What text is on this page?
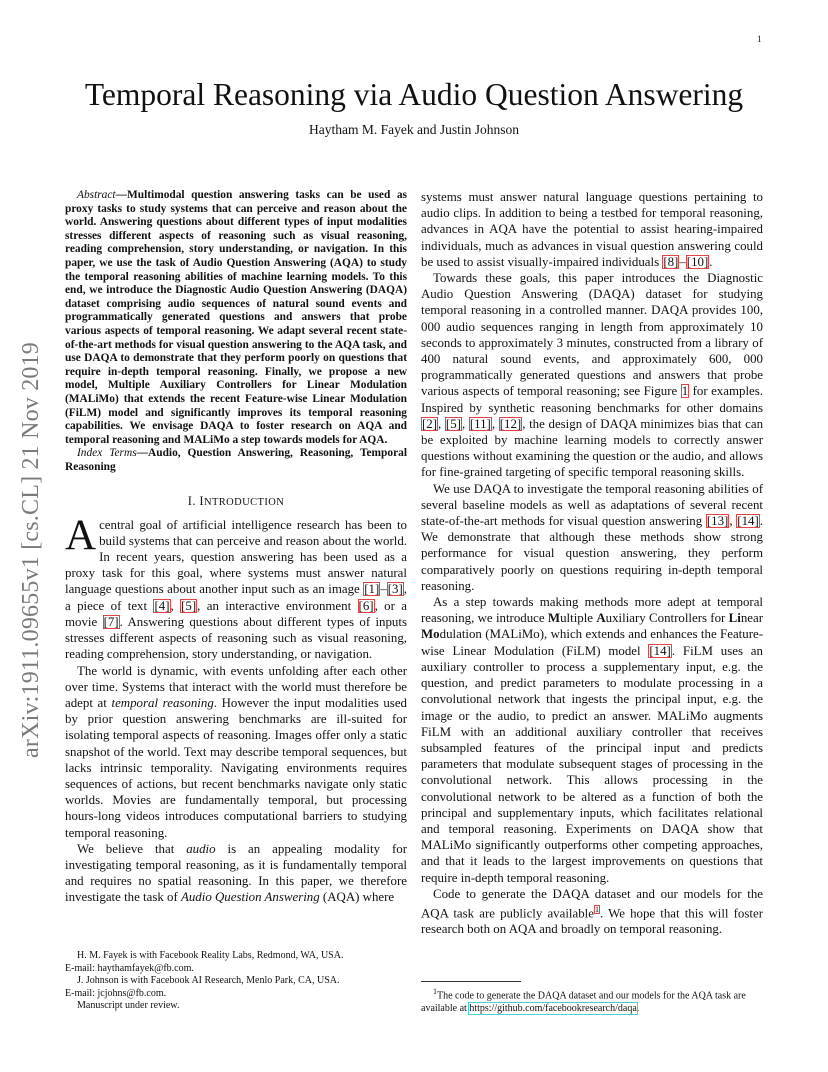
1
arXiv:1911.09655v1 [cs.CL] 21 Nov 2019
Temporal Reasoning via Audio Question Answering
Haytham M. Fayek and Justin Johnson

Abstract—Multimodal question answering tasks can be used as proxy tasks to study systems that can perceive and reason about the world. Answering questions about different types of input modalities stresses different aspects of reasoning such as visual reasoning, reading comprehension, story understanding, or navigation. In this paper, we use the task of Audio Question Answering (AQA) to study the temporal reasoning abilities of machine learning models. To this end, we introduce the Diagnostic Audio Question Answering (DAQA) dataset comprising audio sequences of natural sound events and programmatically generated questions and answers that probe various aspects of temporal reasoning. We adapt several recent state-of-the-art methods for visual question answering to the AQA task, and use DAQA to demonstrate that they perform poorly on questions that require in-depth temporal reasoning. Finally, we propose a new model, Multiple Auxiliary Controllers for Linear Modulation (MALiMo) that extends the recent Feature-wise Linear Modulation (FiLM) model and significantly improves its temporal reasoning capabilities. We envisage DAQA to foster research on AQA and temporal reasoning and MALiMo a step towards models for AQA.

Index Terms—Audio, Question Answering, Reasoning, Temporal Reasoning

I. INTRODUCTION

Acentral goal of artificial intelligence research has been to build systems that can perceive and reason about the world. In recent years, question answering has been used as a proxy task for this goal, where systems must answer natural language questions about another input such as an image [1]–[3], a piece of text [4], [5], an interactive environment [6], or a movie [7]. Answering questions about different types of inputs stresses different aspects of reasoning such as visual reasoning, reading comprehension, story understanding, or navigation.

The world is dynamic, with events unfolding after each other over time. Systems that interact with the world must therefore be adept at temporal reasoning. However the input modalities used by prior question answering benchmarks are ill-suited for isolating temporal aspects of reasoning. Images offer only a static snapshot of the world. Text may describe temporal sequences, but lacks intrinsic temporality. Navigating environments requires sequences of actions, but recent benchmarks navigate only static worlds. Movies are fundamentally temporal, but processing hours-long videos introduces computational barriers to studying temporal reasoning.

We believe that audio is an appealing modality for investigating temporal reasoning, as it is fundamentally temporal and requires no spatial reasoning. In this paper, we therefore investigate the task of Audio Question Answering (AQA) where

H. M. Fayek is with Facebook Reality Labs, Redmond, WA, USA.

E-mail: haythamfayek@fb.com.

J. Johnson is with Facebook AI Research, Menlo Park, CA, USA.

E-mail: jcjohns@fb.com.

Manuscript under review.

systems must answer natural language questions pertaining to audio clips. In addition to being a testbed for temporal reasoning, advances in AQA have the potential to assist hearing-impaired individuals, much as advances in visual question answering could be used to assist visually-impaired individuals [8]–[10].

Towards these goals, this paper introduces the Diagnostic Audio Question Answering (DAQA) dataset for studying temporal reasoning in a controlled manner. DAQA provides 100, 000 audio sequences ranging in length from approximately 10 seconds to approximately 3 minutes, constructed from a library of 400 natural sound events, and approximately 600, 000 programmatically generated questions and answers that probe various aspects of temporal reasoning; see Figure 1 for examples. Inspired by synthetic reasoning benchmarks for other domains [2], [5], [11], [12], the design of DAQA minimizes bias that can be exploited by machine learning models to correctly answer questions without examining the question or the audio, and allows for fine-grained targeting of specific temporal reasoning skills.

We use DAQA to investigate the temporal reasoning abilities of several baseline models as well as adaptations of several recent state-of-the-art methods for visual question answering [13], [14]. We demonstrate that although these methods show strong performance for visual question answering, they perform comparatively poorly on questions requiring in-depth temporal reasoning.

As a step towards making methods more adept at temporal reasoning, we introduce Multiple Auxiliary Controllers for Linear Modulation (MALiMo), which extends and enhances the Feature-wise Linear Modulation (FiLM) model [14]. FiLM uses an auxiliary controller to process a supplementary input, e.g. the question, and predict parameters to modulate processing in a convolutional network that ingests the principal input, e.g. the image or the audio, to predict an answer. MALiMo augments FiLM with an additional auxiliary controller that receives subsampled features of the principal input and predicts parameters that modulate subsequent stages of processing in the convolutional network. This allows processing in the convolutional network to be altered as a function of both the principal and supplementary inputs, which facilitates relational and temporal reasoning. Experiments on DAQA show that MALiMo significantly outperforms other competing approaches, and that it leads to the largest improvements on questions that require in-depth temporal reasoning.

Code to generate the DAQA dataset and our models for the AQA task are publicly available$^1$. We hope that this will foster research both on AQA and broadly on temporal reasoning.

$^1$The code to generate the DAQA dataset and our models for the AQA task are available at https://github.com/facebookresearch/daqa.
